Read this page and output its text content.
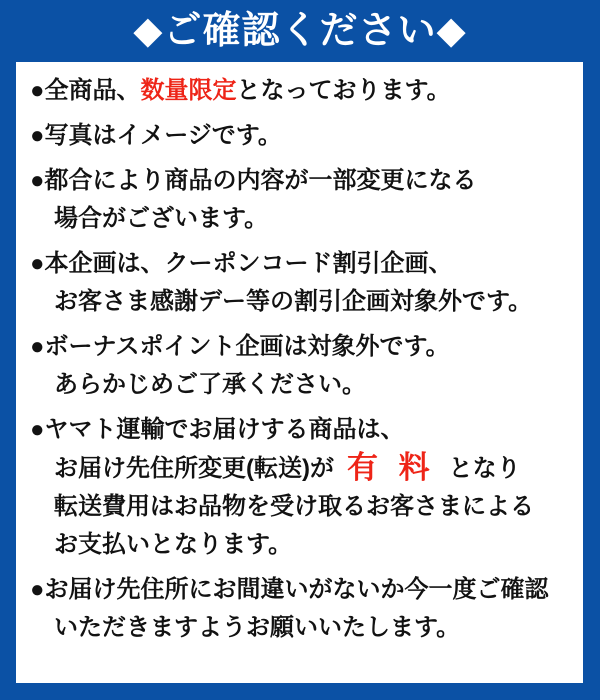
◆ご確認ください◆

●全商品、数量限定となっております。

●写真はイメージです。

●都合により商品の内容が一部変更になる
場合がございます。

●本企画は、クーポンコード割引企画、
お客さま感謝デー等の割引企画対象外です。

●ボーナスポイント企画は対象外です。
あらかじめご了承ください。

●ヤマト運輸でお届けする商品は、
お届け先住所変更(転送)が 有 料 となり
転送費用はお品物を受け取るお客さまによる
お支払いとなります。

●お届け先住所にお間違いがないか今一度ご確認
いただきますようお願いいたします。
